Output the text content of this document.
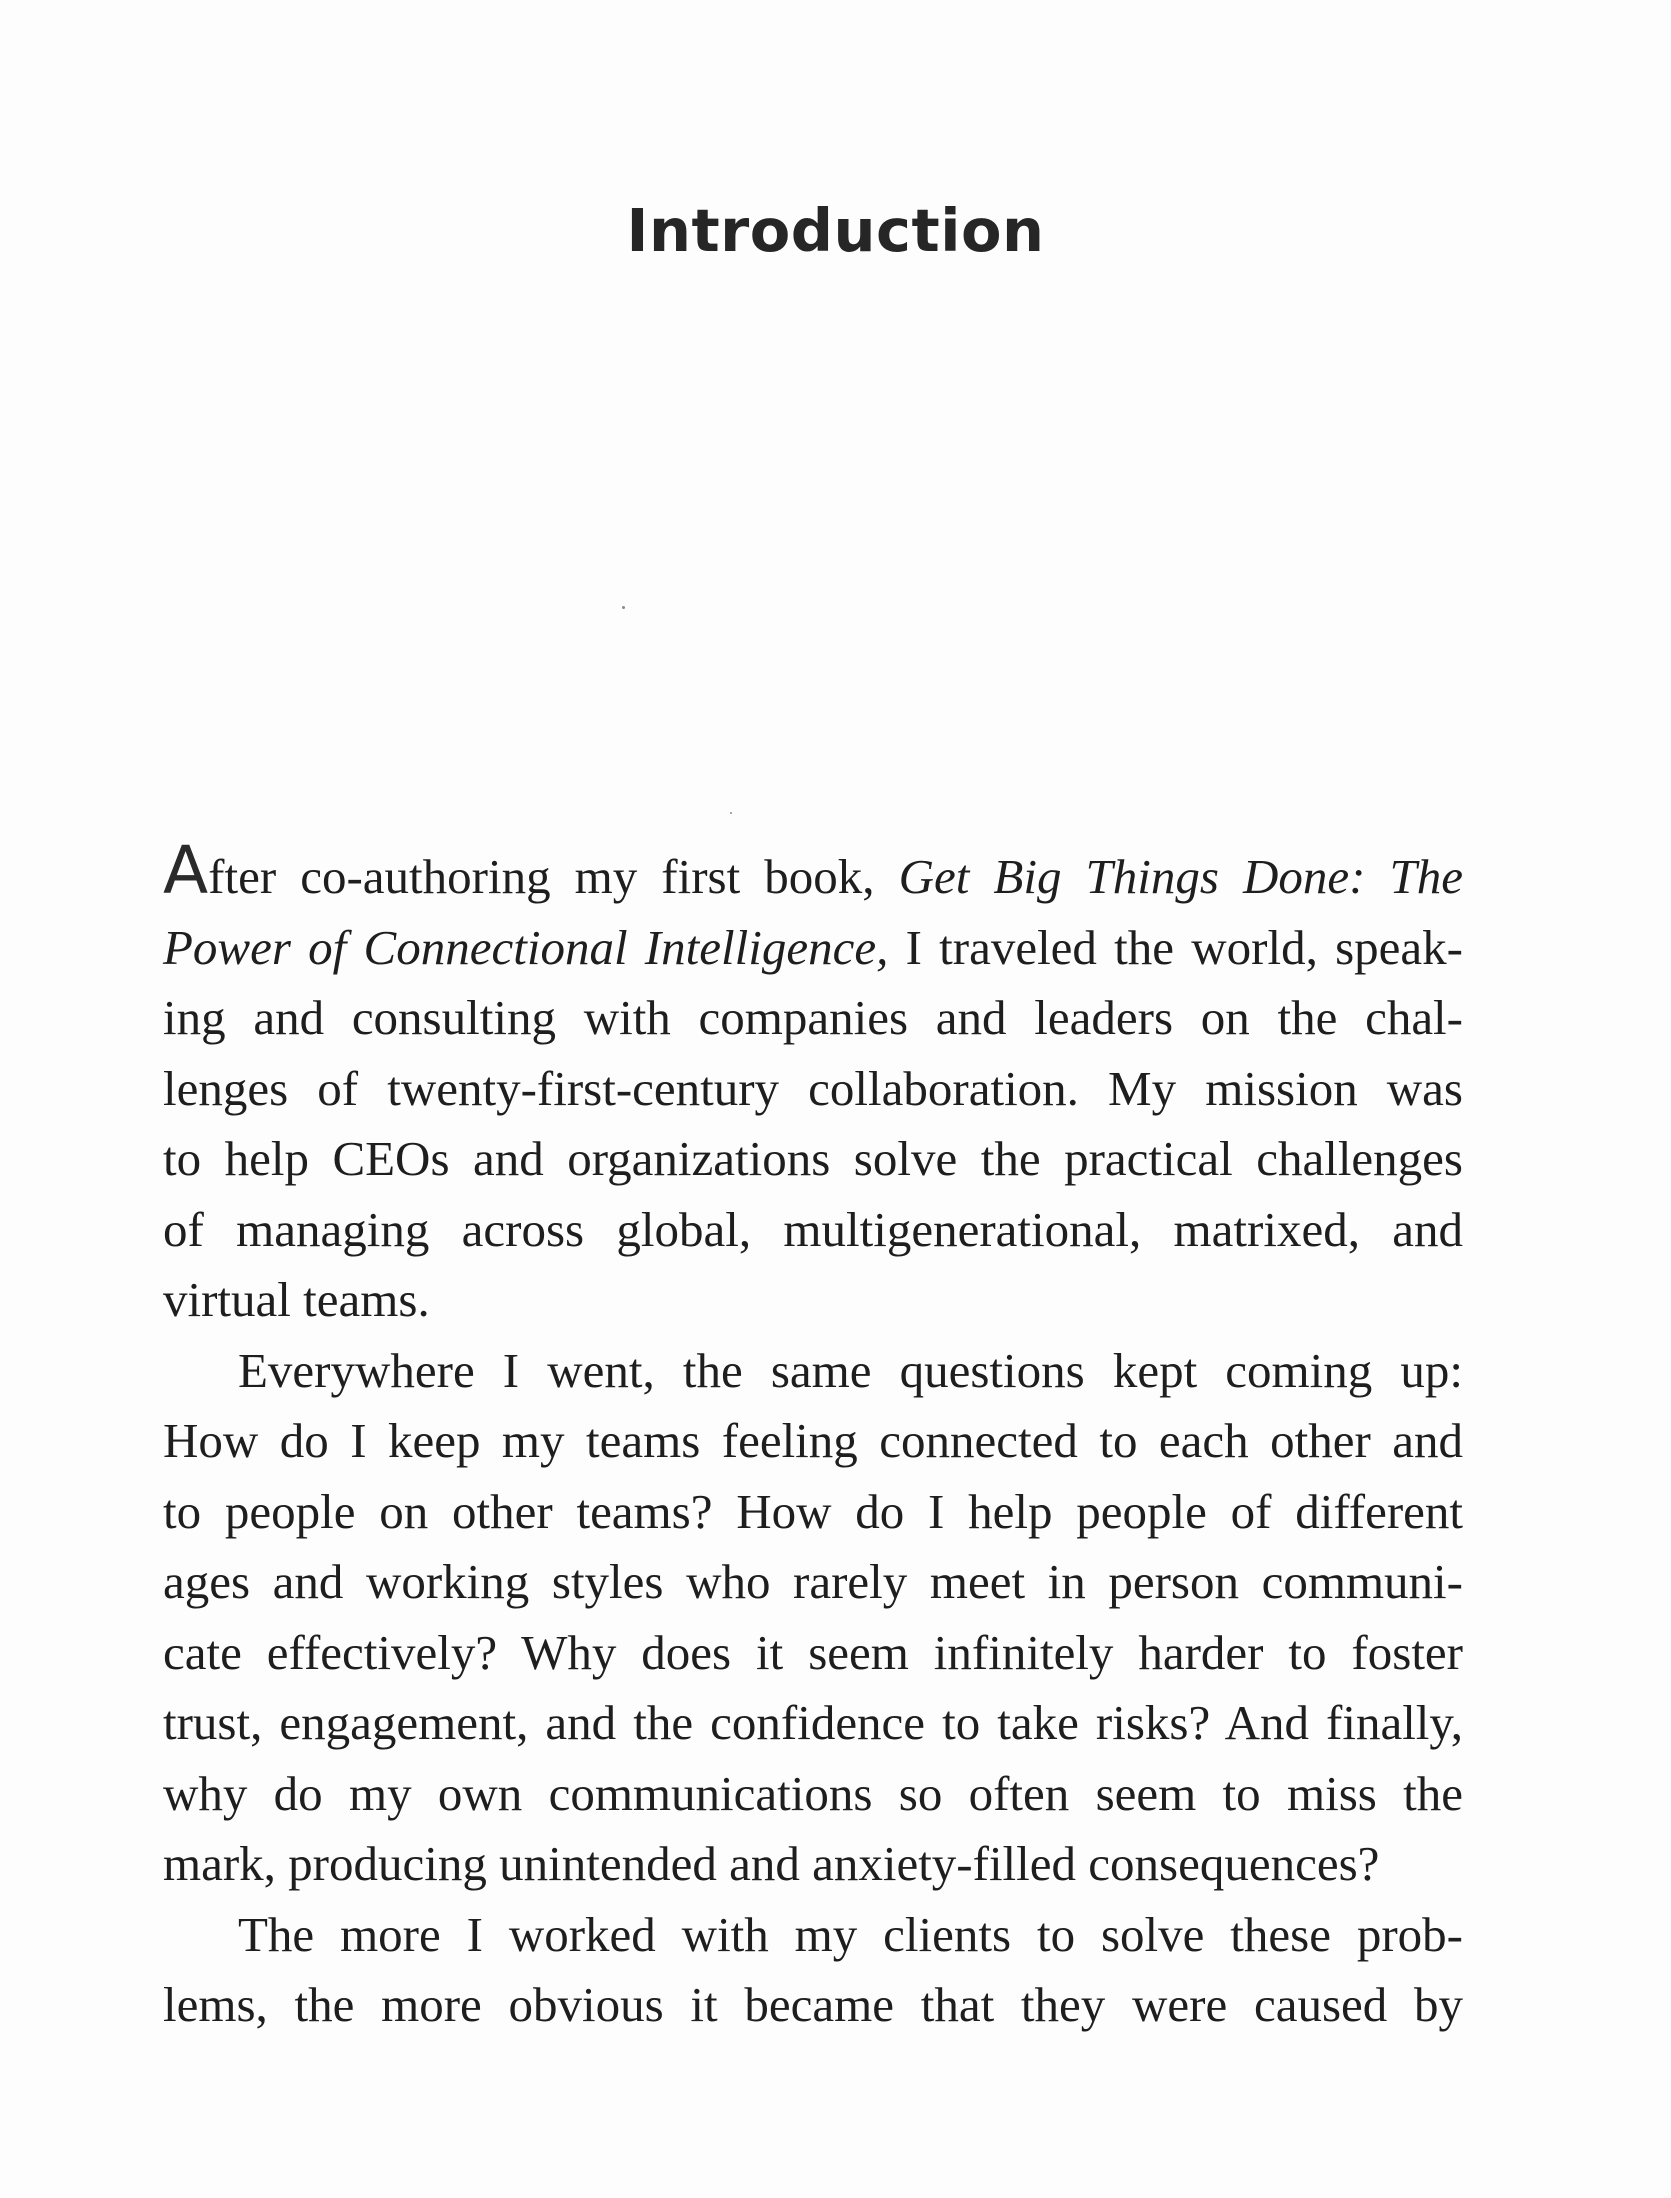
Introduction
After co-authoring my first book, Get Big Things Done: The
Power of Connectional Intelligence, I traveled the world, speak-
ing and consulting with companies and leaders on the chal-
lenges of twenty-first-century collaboration. My mission was
to help CEOs and organizations solve the practical challenges
of managing across global, multigenerational, matrixed, and
virtual teams.
Everywhere I went, the same questions kept coming up:
How do I keep my teams feeling connected to each other and
to people on other teams? How do I help people of different
ages and working styles who rarely meet in person communi-
cate effectively? Why does it seem infinitely harder to foster
trust, engagement, and the confidence to take risks? And finally,
why do my own communications so often seem to miss the
mark, producing unintended and anxiety-filled consequences?
The more I worked with my clients to solve these prob-
lems, the more obvious it became that they were caused by
